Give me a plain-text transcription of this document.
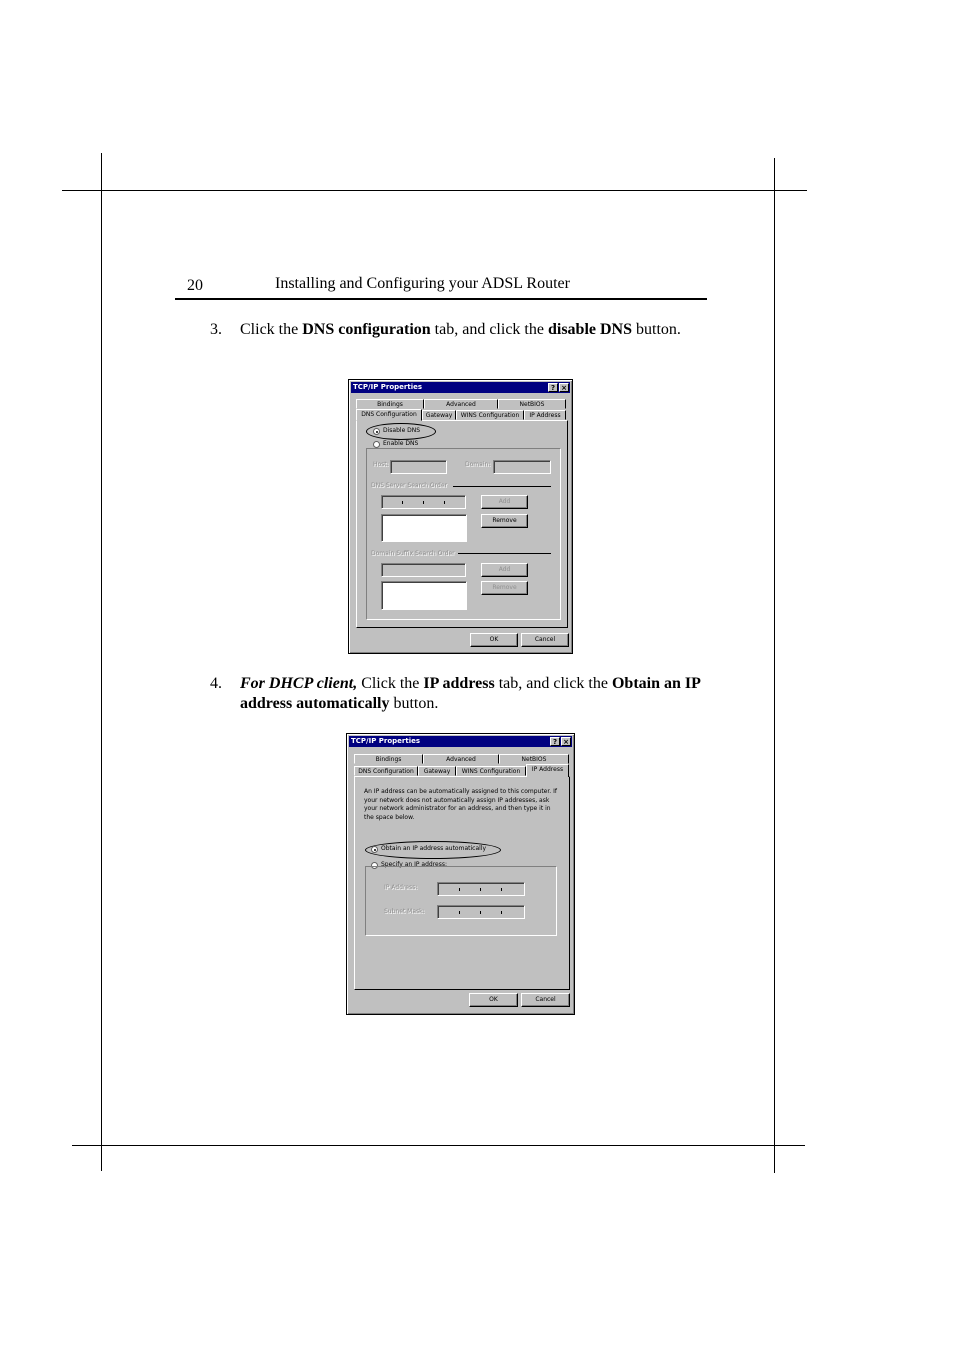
20	Installing and Configuring your ADSL Router
3. Click the DNS configuration tab, and click the disable DNS button.
TCP/IP Properties	? ×
Bindings	Advanced	NetBIOS
DNS Configuration	Gateway	WINS Configuration	IP Address
Disable DNS
Enable DNS
Host:	Domain:
DNS Server Search Order
Add
Remove
Domain Suffix Search Order
Add
Remove
OK	Cancel
4. For DHCP client, Click the IP address tab, and click the Obtain an IP address automatically button.
TCP/IP Properties	? ×
Bindings	Advanced	NetBIOS
DNS Configuration	Gateway	WINS Configuration	IP Address
An IP address can be automatically assigned to this computer. If your network does not automatically assign IP addresses, ask your network administrator for an address, and then type it in the space below.
Obtain an IP address automatically
Specify an IP address:
IP Address:
Subnet Mask:
OK	Cancel
